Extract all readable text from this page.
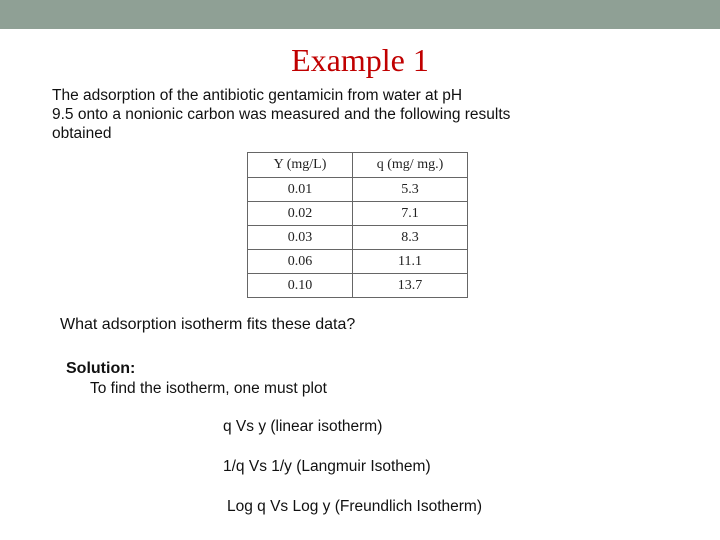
Example 1

The adsorption of the antibiotic gentamicin from water at pH
9.5 onto a nonionic carbon was measured and the following results
obtained

Y (mg/L)	q (mg/ mg.)
0.01	5.3
0.02	7.1
0.03	8.3
0.06	11.1
0.10	13.7

What adsorption isotherm fits these data?

Solution:

To find the isotherm, one must plot

q Vs y (linear isotherm)

1/q Vs 1/y (Langmuir Isothem)

Log q Vs Log y (Freundlich Isotherm)
